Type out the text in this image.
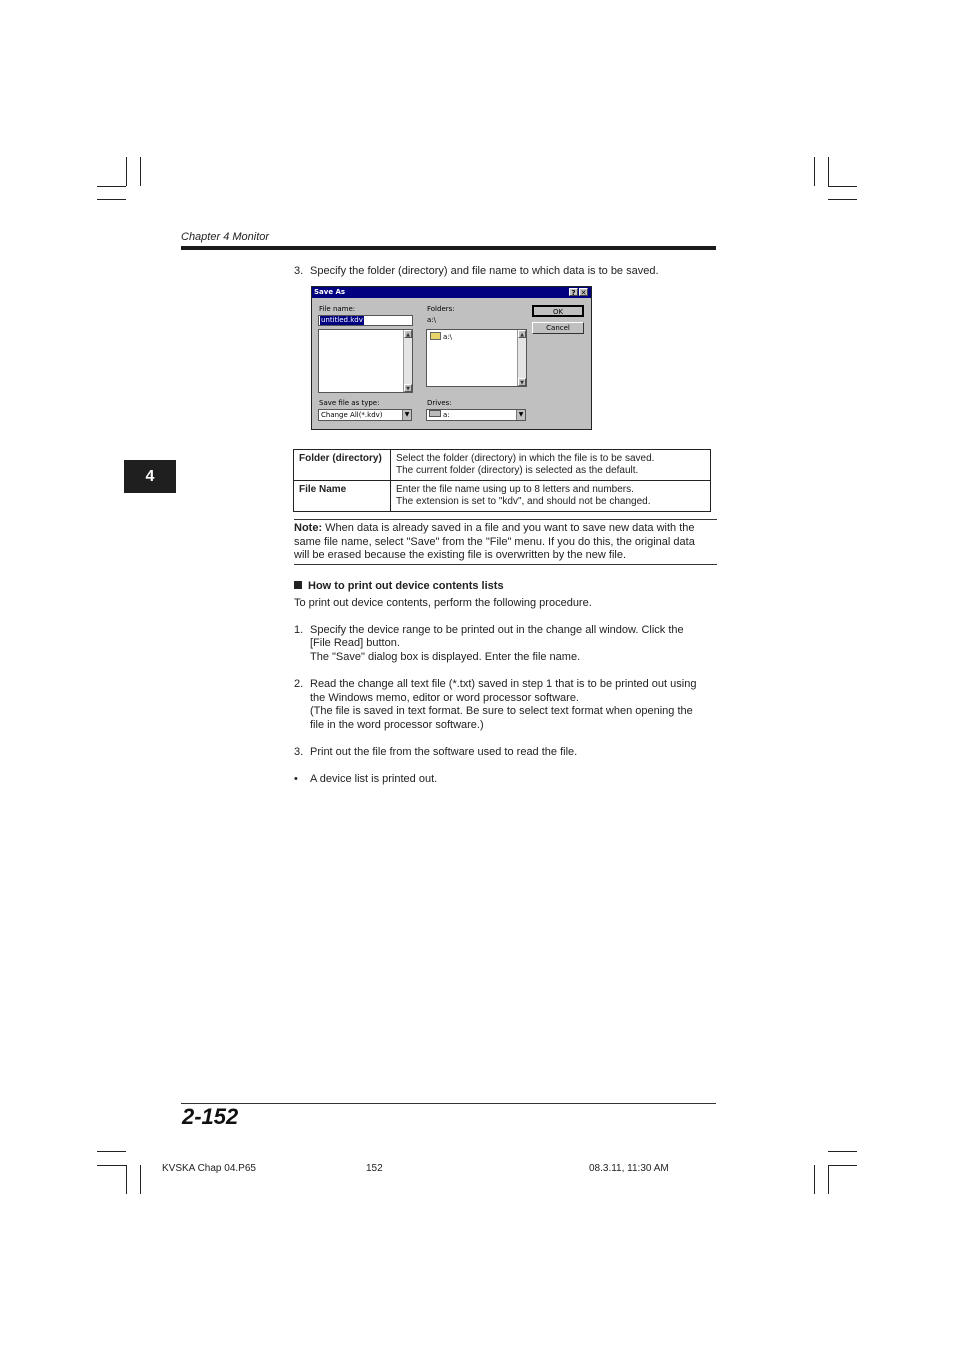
Chapter 4 Monitor
4
3. Specify the folder (directory) and file name to which data is to be saved.
Save As	? ✕
File name:
untitled.kdv
▲
▼
Folders:
a:\
a:\	▲
▼
OK
Cancel
Save file as type:
Change All(*.kdv)	▼
Drives:
a:	▼
Folder (directory)	Select the folder (directory) in which the file is to be saved.
The current folder (directory) is selected as the default.

File Name	Enter the file name using up to 8 letters and numbers.
The extension is set to "kdv", and should not be changed.
Note: When data is already saved in a file and you want to save new data with the
same file name, select "Save" from the "File" menu. If you do this, the original data
will be erased because the existing file is overwritten by the new file.
How to print out device contents lists
To print out device contents, perform the following procedure.
1. Specify the device range to be printed out in the change all window. Click the
[File Read] button.
The "Save" dialog box is displayed. Enter the file name.
2. Read the change all text file (*.txt) saved in step 1 that is to be printed out using
the Windows memo, editor or word processor software.
(The file is saved in text format. Be sure to select text format when opening the
file in the word processor software.)
3. Print out the file from the software used to read the file.
• A device list is printed out.
2-152
KVSKA Chap 04.P65	152	08.3.11, 11:30 AM
